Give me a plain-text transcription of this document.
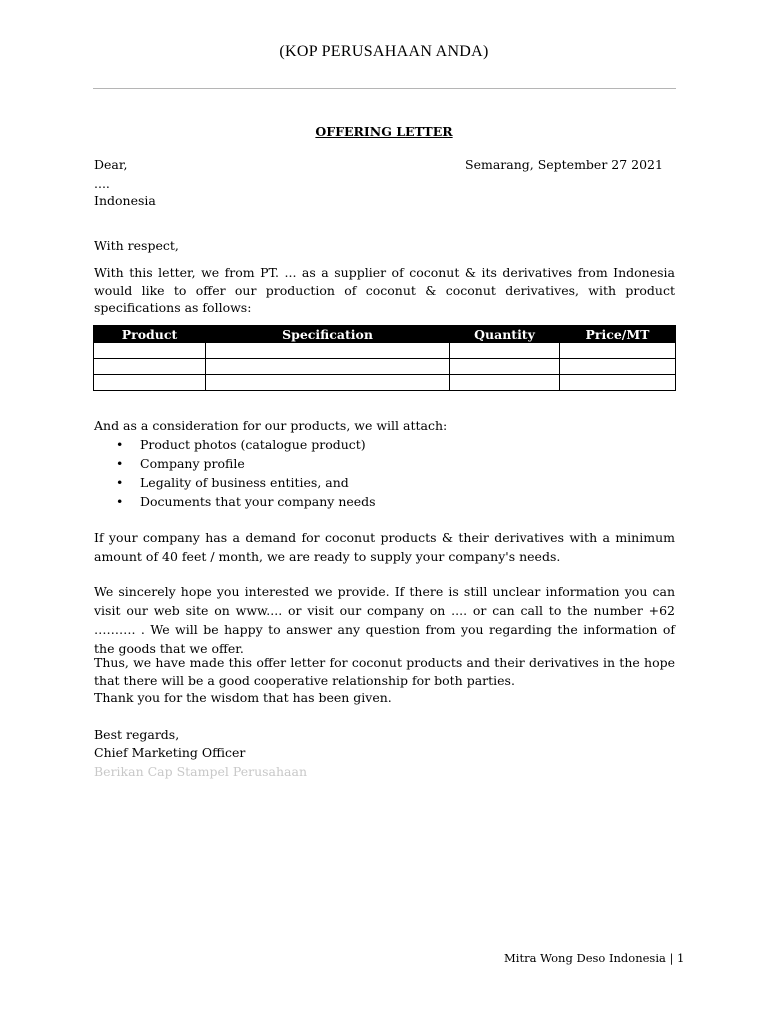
(KOP PERUSAHAAN ANDA)
OFFERING LETTER
Dear,
....
Indonesia
Semarang, September 27 2021
With respect,
With this letter, we from PT. ... as a supplier of coconut & its derivatives from Indonesia would like to offer our production of coconut & coconut derivatives, with product specifications as follows:
Product	Specification	Quantity	Price/MT

And as a consideration for our products, we will attach:
• Product photos (catalogue product)
• Company profile
• Legality of business entities, and
• Documents that your company needs
If your company has a demand for coconut products & their derivatives with a minimum amount of 40 feet / month, we are ready to supply your company's needs.
We sincerely hope you interested we provide. If there is still unclear information you can visit our web site on www.... or visit our company on .... or can call to the number +62 ………. . We will be happy to answer any question from you regarding the information of the goods that we offer.
Thus, we have made this offer letter for coconut products and their derivatives in the hope that there will be a good cooperative relationship for both parties.
Thank you for the wisdom that has been given.
Best regards,
Chief Marketing Officer
Berikan Cap Stampel Perusahaan
Mitra Wong Deso Indonesia | 1
